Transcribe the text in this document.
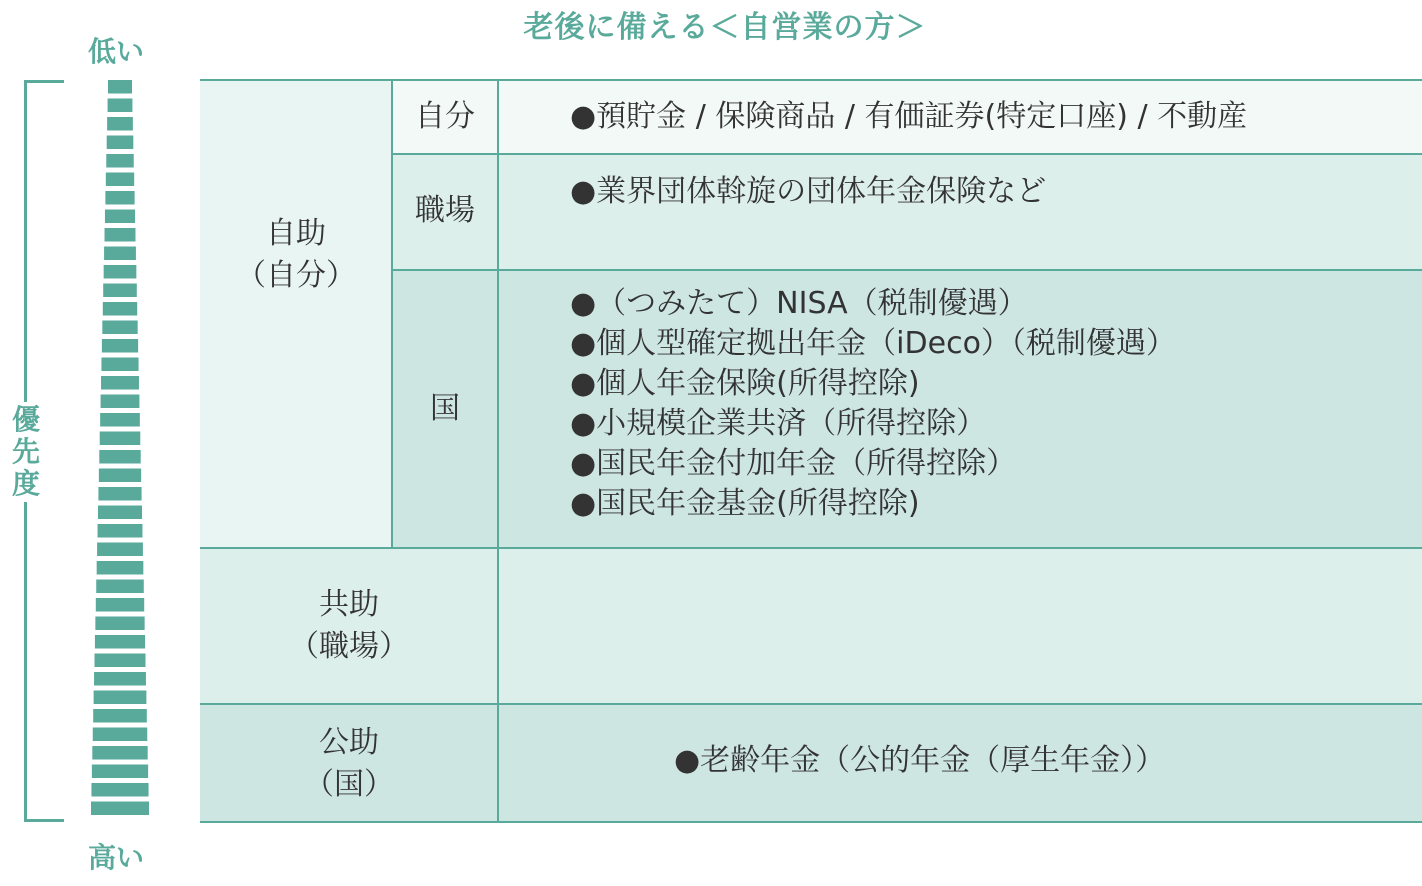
老後に備える＜自営業の方＞
低い
高い
優先度
自助
（自分）
自分
職場
国
共助
（職場）
公助
（国）
●預貯金 / 保険商品 / 有価証券(特定口座) / 不動産
●業界団体斡旋の団体年金保険など
●（つみたて）NISA（税制優遇）
●個人型確定拠出年金（iDeco）（税制優遇）
●個人年金保険(所得控除)
●小規模企業共済（所得控除）
●国民年金付加年金（所得控除）
●国民年金基金(所得控除)
●老齢年金（公的年金（厚生年金））
